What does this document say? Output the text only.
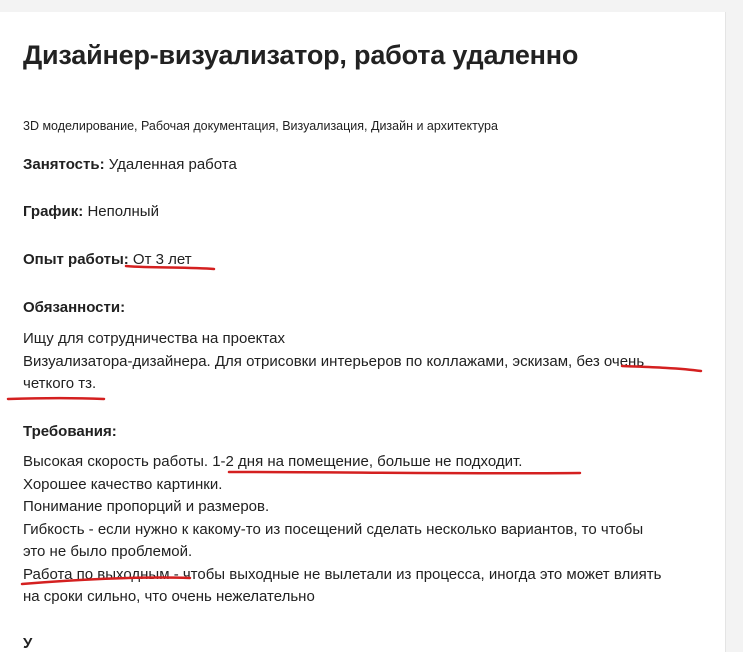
Дизайнер-визуализатор, работа удаленно
3D моделирование, Рабочая документация, Визуализация, Дизайн и архитектура
Занятость: Удаленная работа
График: Неполный
Опыт работы: От 3 лет
Обязанности:
Ищу для сотрудничества на проектах
Визуализатора-дизайнера. Для отрисовки интерьеров по коллажами, эскизам, без очень
четкого тз.
Требования:
Высокая скорость работы. 1-2 дня на помещение, больше не подходит.
Хорошее качество картинки.
Понимание пропорций и размеров.
Гибкость - если нужно к какому-то из посещений сделать несколько вариантов, то чтобы
это не было проблемой.
Работа по выходным - чтобы выходные не вылетали из процесса, иногда это может влиять
на сроки сильно, что очень нежелательно
У
